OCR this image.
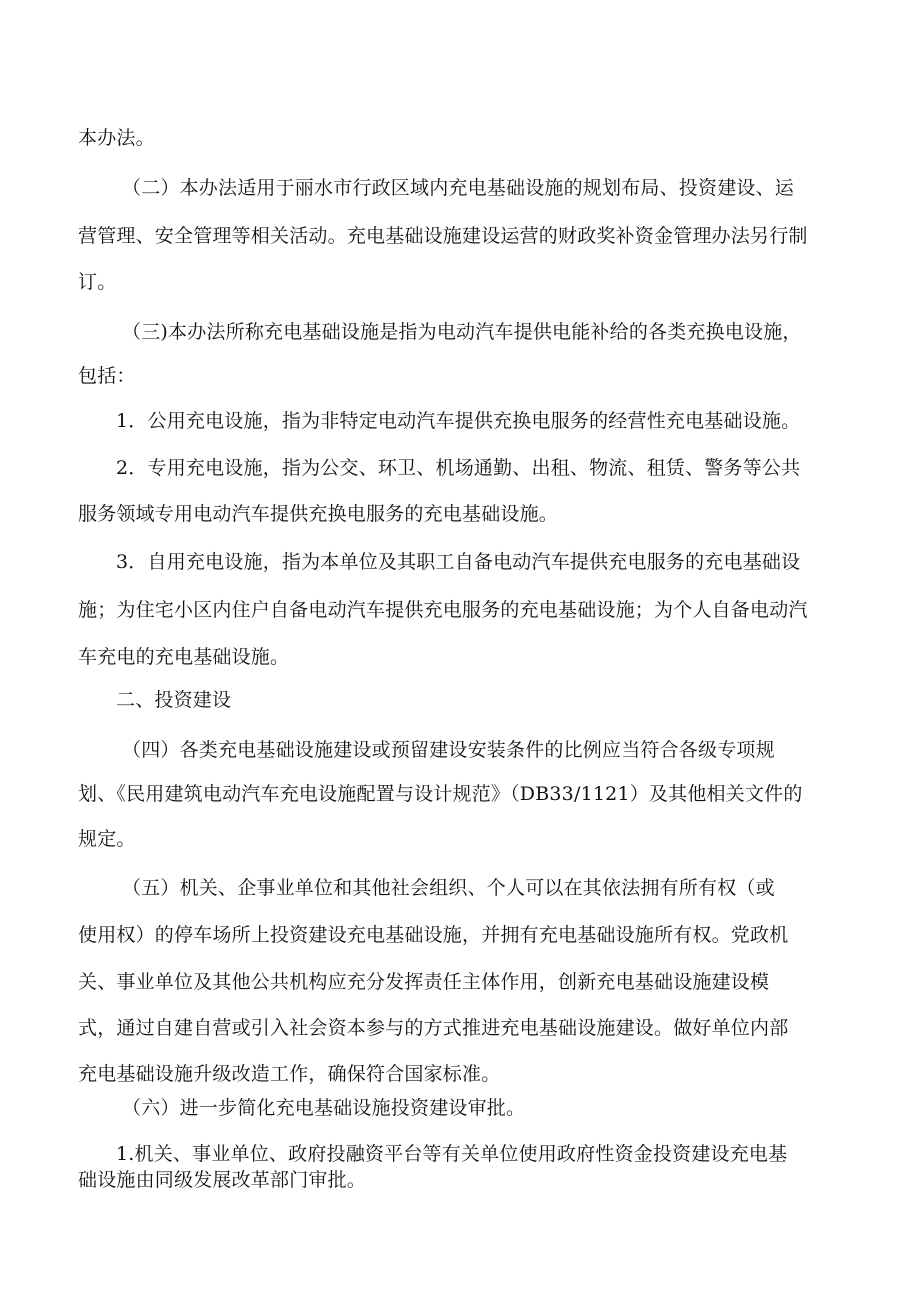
本办法。

（二）本办法适用于丽水市行政区域内充电基础设施的规划布局、投资建设、运

营管理、安全管理等相关活动。充电基础设施建设运营的财政奖补资金管理办法另行制

订。

（三)本办法所称充电基础设施是指为电动汽车提供电能补给的各类充换电设施，

包括：

1．公用充电设施，指为非特定电动汽车提供充换电服务的经营性充电基础设施。

2．专用充电设施，指为公交、环卫、机场通勤、出租、物流、租赁、警务等公共

服务领域专用电动汽车提供充换电服务的充电基础设施。

3．自用充电设施，指为本单位及其职工自备电动汽车提供充电服务的充电基础设

施；为住宅小区内住户自备电动汽车提供充电服务的充电基础设施；为个人自备电动汽

车充电的充电基础设施。

二、投资建设

（四）各类充电基础设施建设或预留建设安装条件的比例应当符合各级专项规

划、《民用建筑电动汽车充电设施配置与设计规范》（DB33/1121）及其他相关文件的

规定。

（五）机关、企事业单位和其他社会组织、个人可以在其依法拥有所有权（或

使用权）的停车场所上投资建设充电基础设施，并拥有充电基础设施所有权。党政机

关、事业单位及其他公共机构应充分发挥责任主体作用，创新充电基础设施建设模

式，通过自建自营或引入社会资本参与的方式推进充电基础设施建设。做好单位内部

充电基础设施升级改造工作，确保符合国家标准。

（六）进一步简化充电基础设施投资建设审批。

1.机关、事业单位、政府投融资平台等有关单位使用政府性资金投资建设充电基

础设施由同级发展改革部门审批。
